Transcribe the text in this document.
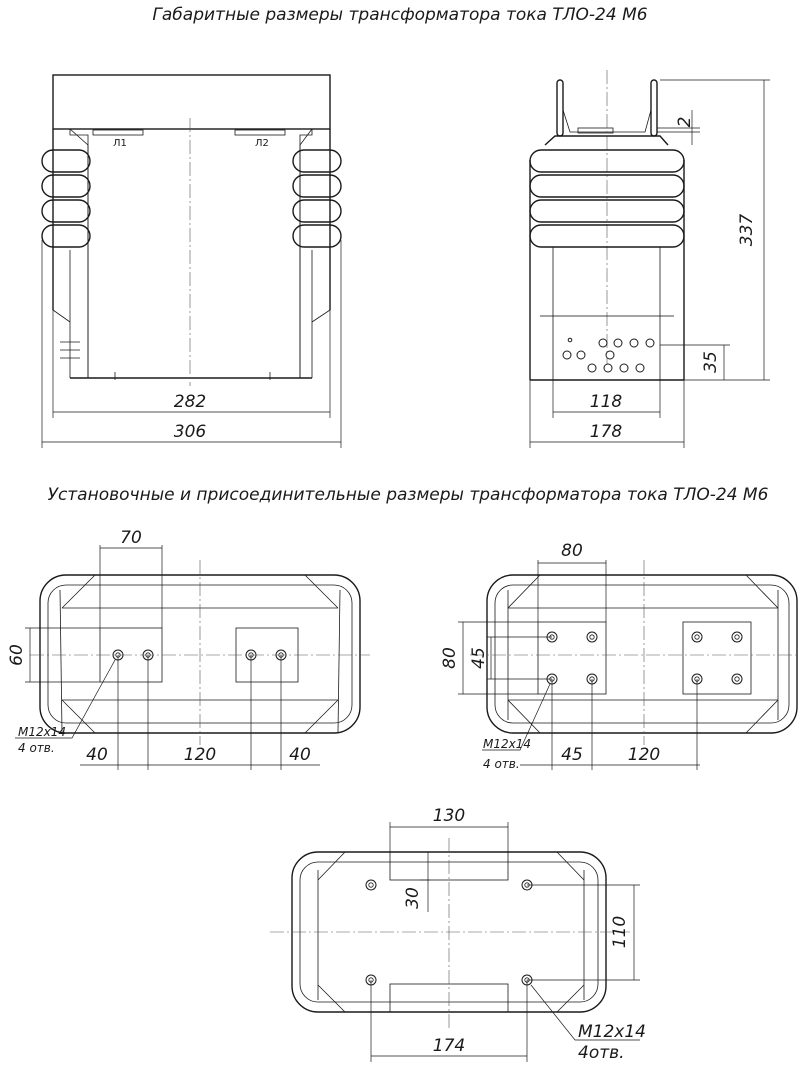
Габаритные размеры трансформатора тока ТЛО-24 М6
Установочные и присоединительные размеры трансформатора тока ТЛО-24 М6
Л1	Л2
282
306
2
337
35
118
178
70
60
40	120	40
M12x14
4 отв.
80
80 45
45	120
M12x14
4 отв.
130
30
110
174
M12x14
4отв.
